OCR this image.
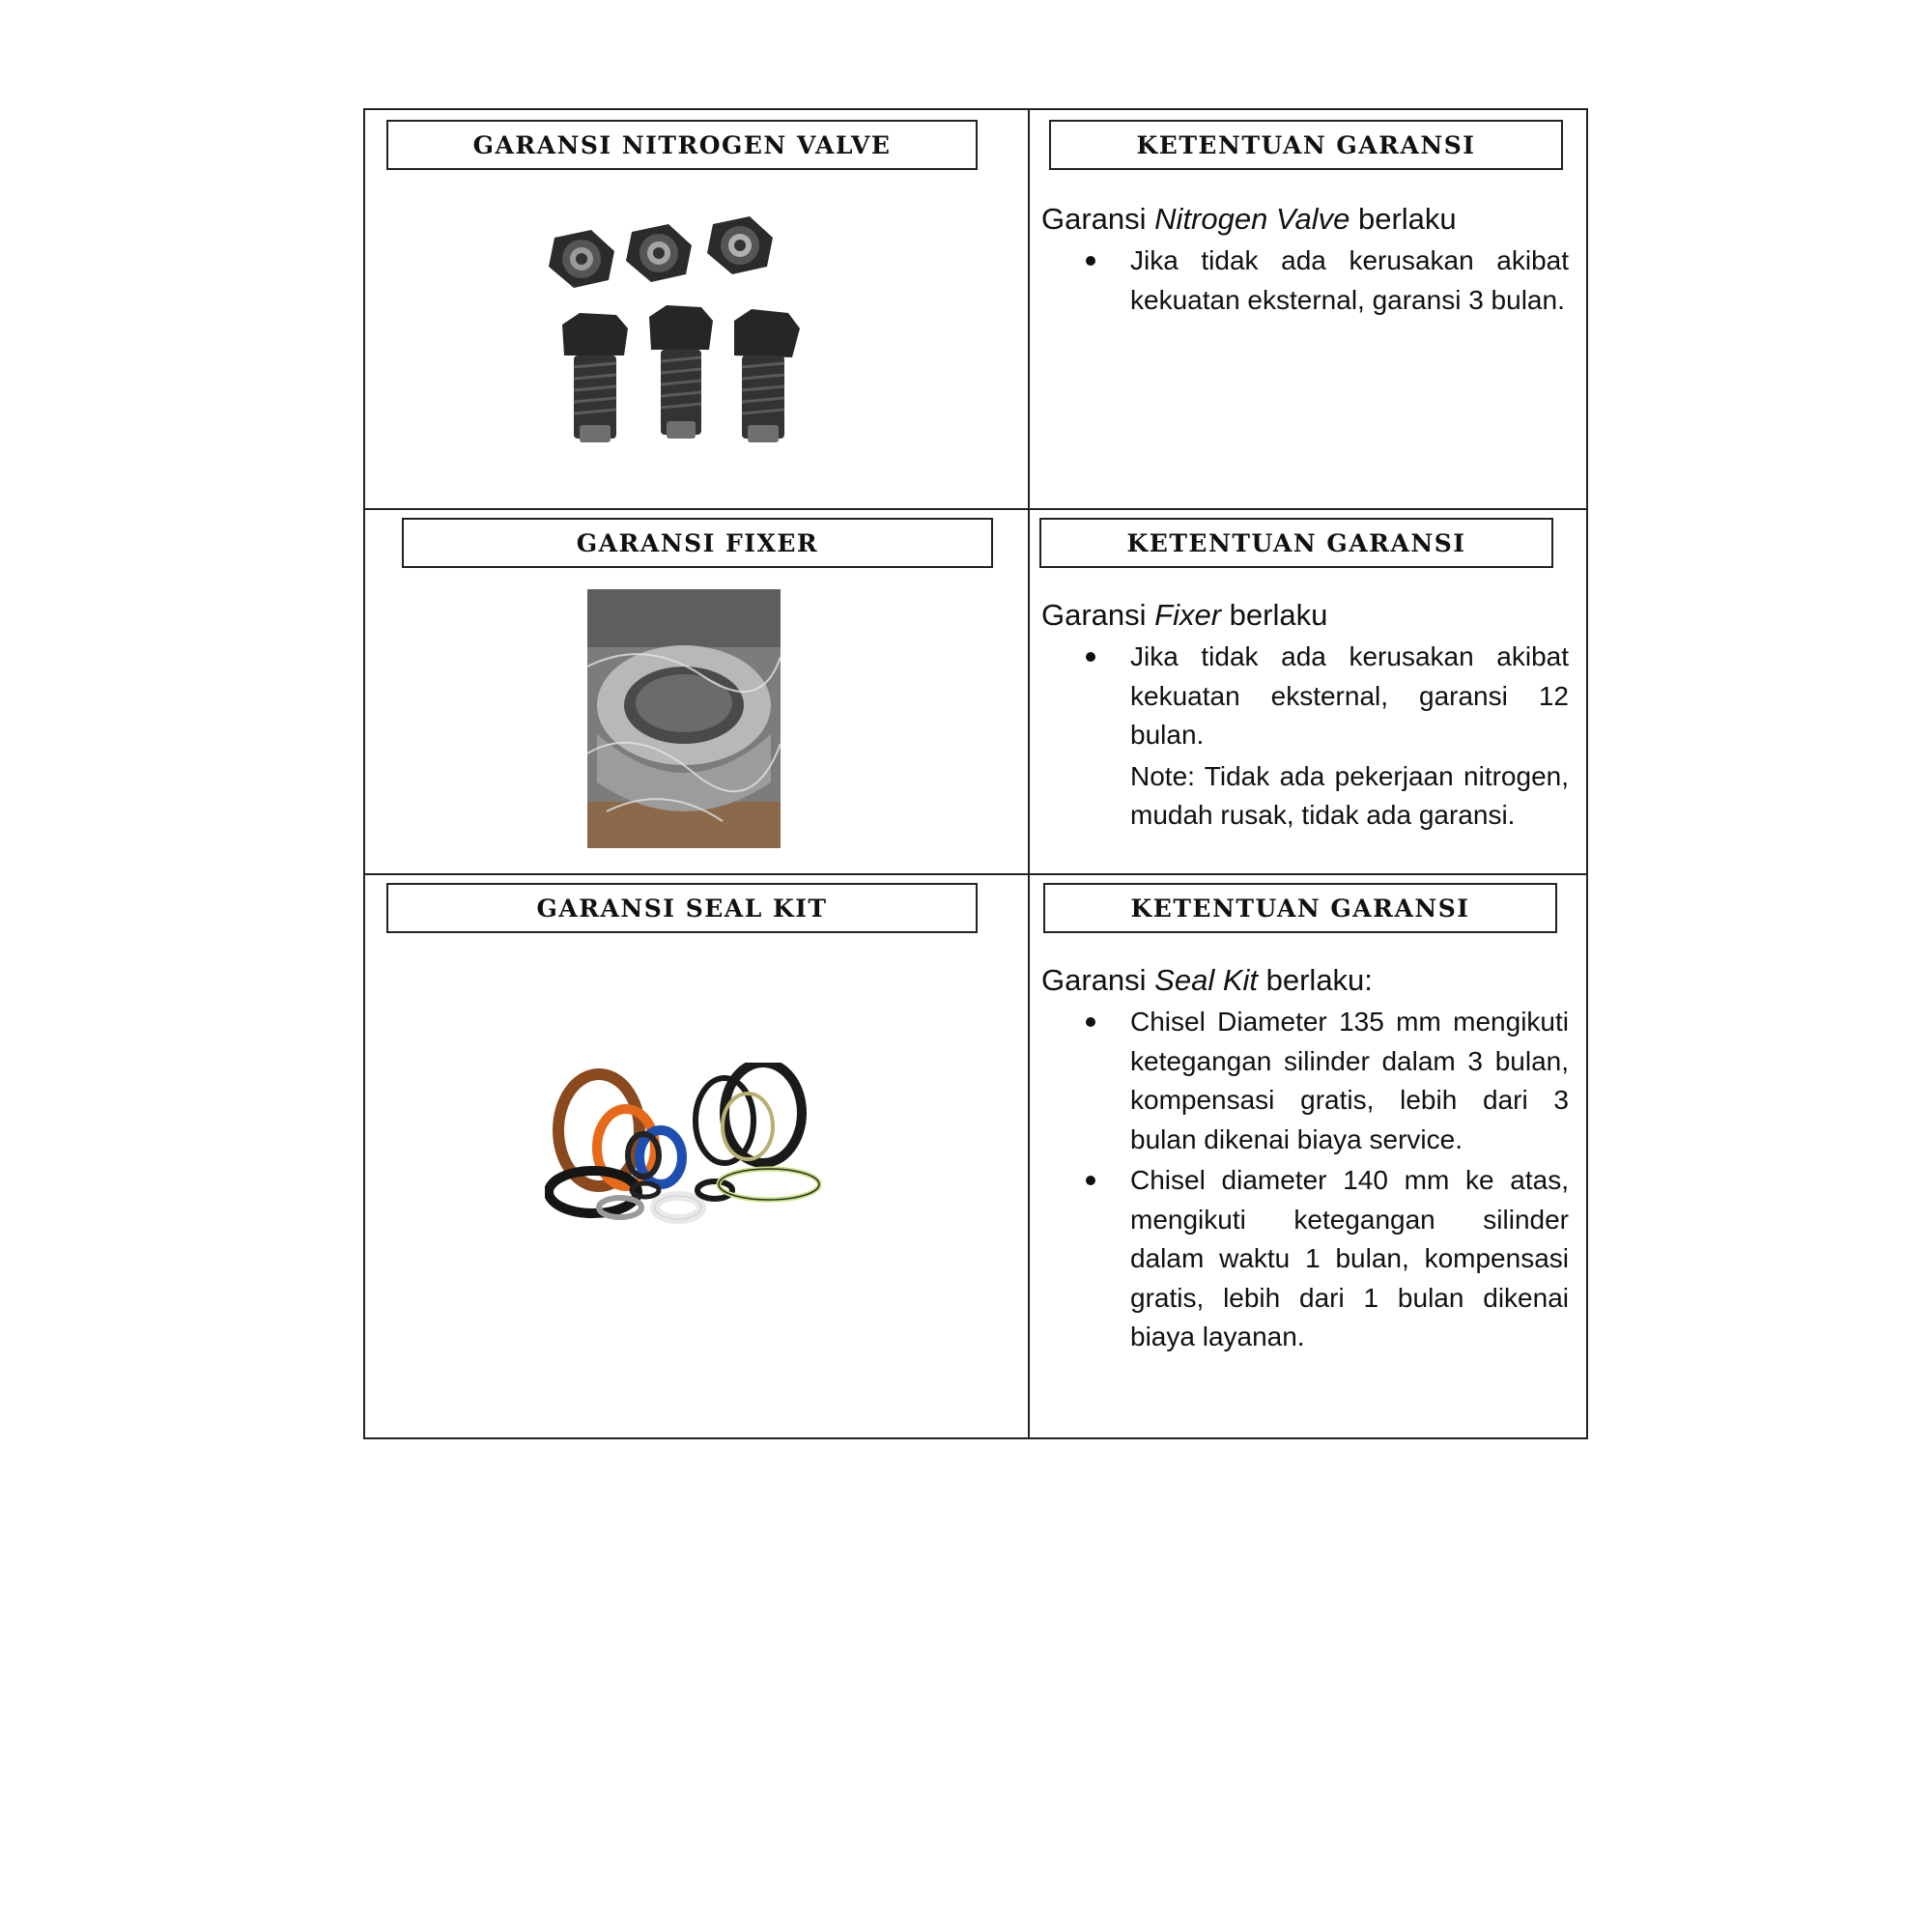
GARANSI NITROGEN VALVE	KETENTUAN GARANSI

Garansi Nitrogen Valve berlaku

Jika tidak ada kerusakan akibat kekuatan eksternal, garansi 3 bulan.
GARANSI FIXER	KETENTUAN GARANSI

Garansi Fixer berlaku

Jika tidak ada kerusakan akibat kekuatan eksternal, garansi 12 bulan.
Note: Tidak ada pekerjaan nitrogen, mudah rusak, tidak ada garansi.
GARANSI SEAL KIT	KETENTUAN GARANSI

Garansi Seal Kit berlaku:

Chisel Diameter 135 mm mengikuti ketegangan silinder dalam 3 bulan, kompensasi gratis, lebih dari 3 bulan dikenai biaya service.
Chisel diameter 140 mm ke atas, mengikuti ketegangan silinder dalam waktu 1 bulan, kompensasi gratis, lebih dari 1 bulan dikenai biaya layanan.
